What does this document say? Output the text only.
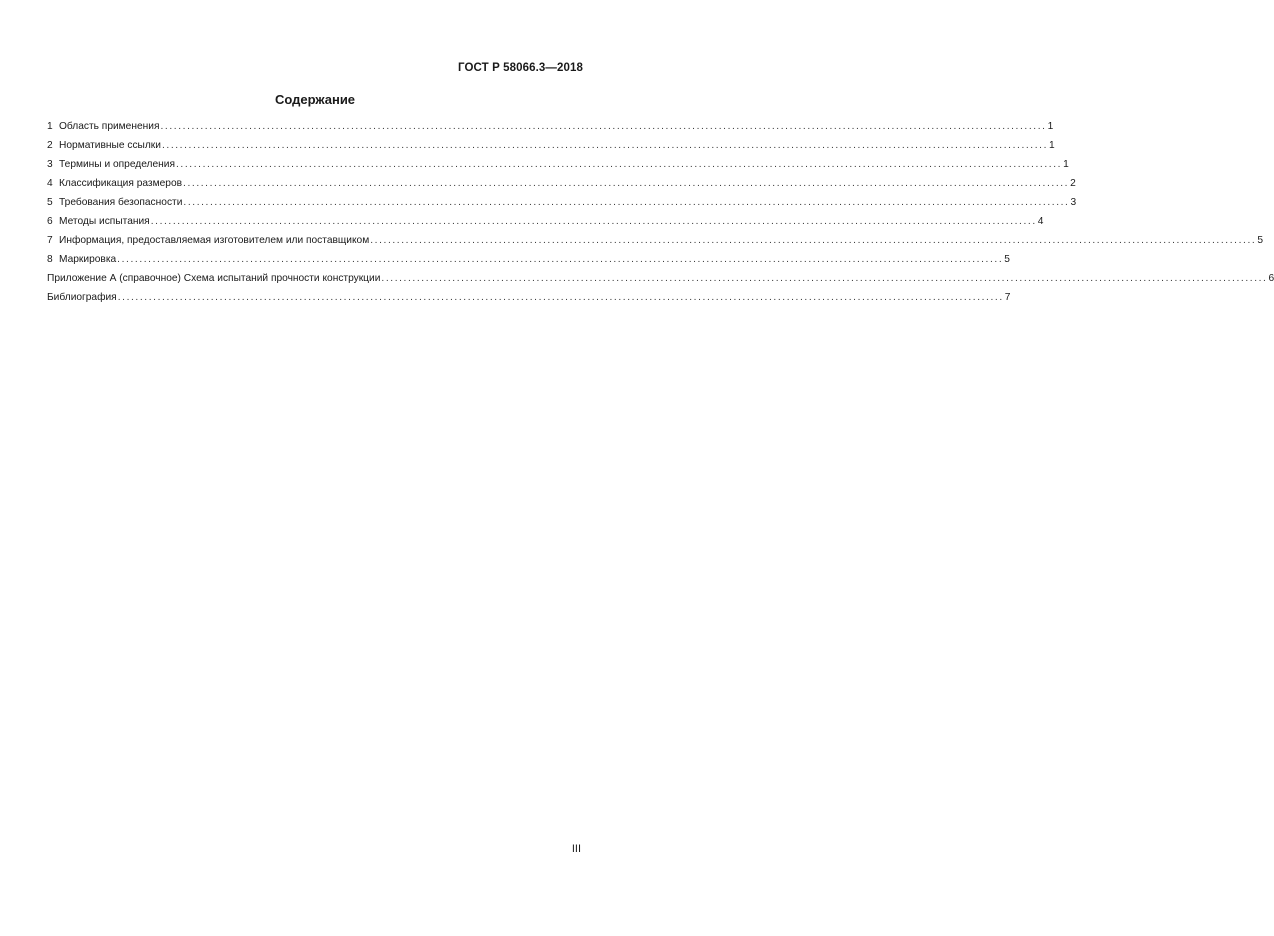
ГОСТ Р 58066.3—2018
Содержание
1 Область применения ........................................................................................................................................................................................................ 1
2 Нормативные ссылки ........................................................................................................................................................................................................ 1
3 Термины и определения ........................................................................................................................................................................................................ 1
4 Классификация размеров ........................................................................................................................................................................................................ 2
5 Требования безопасности ........................................................................................................................................................................................................ 3
6 Методы испытания ........................................................................................................................................................................................................ 4
7 Информация, предоставляемая изготовителем или поставщиком ........................................................................................................................................................................................................ 5
8 Маркировка ........................................................................................................................................................................................................ 5
Приложение А (справочное) Схема испытаний прочности конструкции ........................................................................................................................................................................................................ 6
Библиография ........................................................................................................................................................................................................ 7
III
